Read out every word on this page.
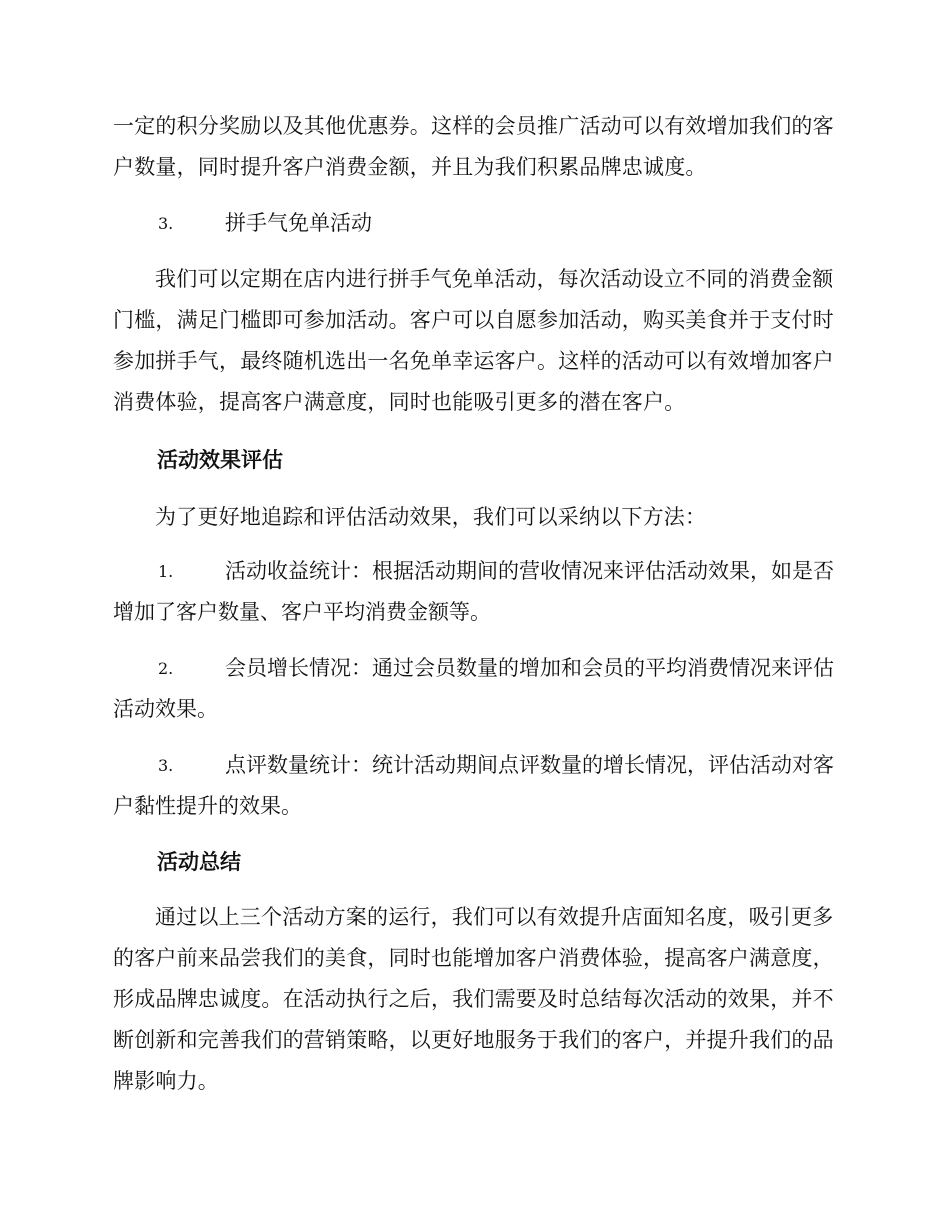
一定的积分奖励以及其他优惠券。这样的会员推广活动可以有效增加我们的客户数量，同时提升客户消费金额，并且为我们积累品牌忠诚度。

3. 拼手气免单活动

我们可以定期在店内进行拼手气免单活动，每次活动设立不同的消费金额门槛，满足门槛即可参加活动。客户可以自愿参加活动，购买美食并于支付时参加拼手气，最终随机选出一名免单幸运客户。这样的活动可以有效增加客户消费体验，提高客户满意度，同时也能吸引更多的潜在客户。

活动效果评估

为了更好地追踪和评估活动效果，我们可以采纳以下方法：

1.	活动收益统计：根据活动期间的营收情况来评估活动效果，如是否增加了客户数量、客户平均消费金额等。

2.	会员增长情况：通过会员数量的增加和会员的平均消费情况来评估活动效果。

3.	点评数量统计：统计活动期间点评数量的增长情况，评估活动对客户黏性提升的效果。

活动总结

通过以上三个活动方案的运行，我们可以有效提升店面知名度，吸引更多的客户前来品尝我们的美食，同时也能增加客户消费体验，提高客户满意度，形成品牌忠诚度。在活动执行之后，我们需要及时总结每次活动的效果，并不断创新和完善我们的营销策略，以更好地服务于我们的客户，并提升我们的品牌影响力。
